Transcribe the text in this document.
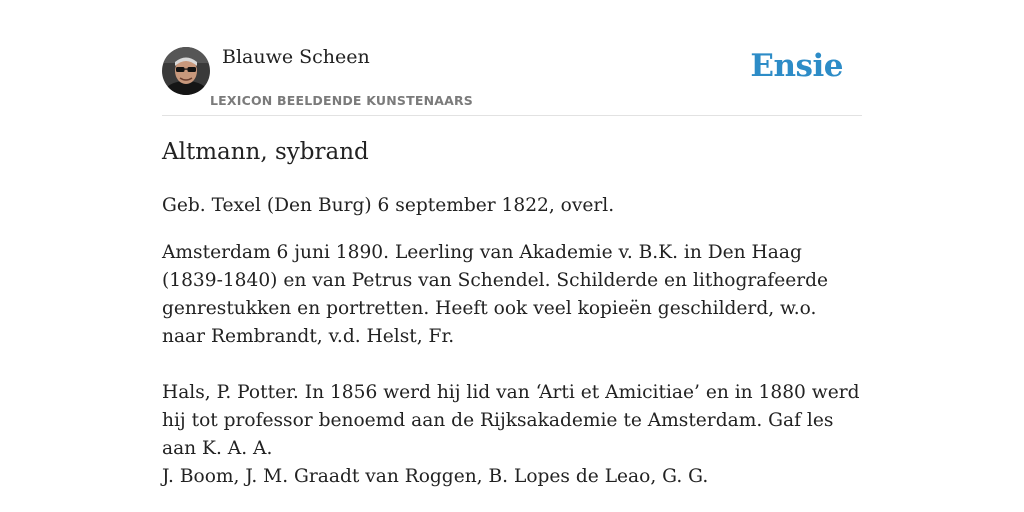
Blauwe Scheen
LEXICON BEELDENDE KUNSTENAARS
Ensie
Altmann, sybrand

Geb. Texel (Den Burg) 6 september 1822, overl.

Amsterdam 6 juni 1890. Leerling van Akademie v. B.K. in Den Haag (1839-1840) en van Petrus van Schendel. Schilderde en lithografeerde genrestukken en portretten. Heeft ook veel kopieën geschilderd, w.o. naar Rembrandt, v.d. Helst, Fr.

Hals, P. Potter. In 1856 werd hij lid van ‘Arti et Amicitiae’ en in 1880 werd hij tot professor benoemd aan de Rijksakademie te Amsterdam. Gaf les aan K. A. A.

J. Boom, J. M. Graadt van Roggen, B. Lopes de Leao, G. G.
